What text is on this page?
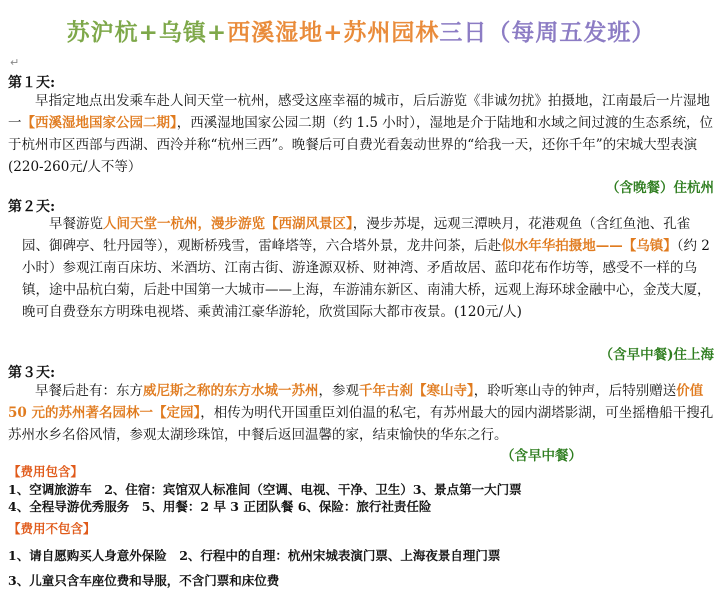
苏沪杭+乌镇+西溪湿地+苏州园林三日（每周五发班）
↵
第１天:
早指定地点出发乘车赴人间天堂一杭州，感受这座幸福的城市，后后游览《非诚勿扰》拍摄地，江南最后一片湿地一【西溪湿地国家公园二期】，西溪湿地国家公园二期（约 1.5 小时），湿地是介于陆地和水域之间过渡的生态系统，位于杭州市区西部与西湖、西泠并称“杭州三西”。晚餐后可自费光看轰动世界的“给我一天，还你千年”的宋城大型表演(220-260元/人不等）
（含晚餐）住杭州
第２天:
早餐游览人间天堂一杭州，漫步游览【西湖风景区】，漫步苏堤，远观三潭映月，花港观鱼（含红鱼池、孔雀园、御碑亭、牡丹园等），观断桥残雪，雷峰塔等，六合塔外景，龙井问茶，后赴似水年华拍摄地——【乌镇】（约 2 小时）参观江南百床坊、米酒坊、江南古街、游逢源双桥、财神湾、矛盾故居、蓝印花布作坊等，感受不一样的乌镇，途中品杭白菊，后赴中国第一大城市——上海，车游浦东新区、南浦大桥，远观上海环球金融中心，金茂大厦，晚可自费登东方明珠电视塔、乘黄浦江豪华游轮，欣赏国际大都市夜景。(120元/人)
（含早中餐)住上海
第３天:
早餐后赴有：东方威尼斯之称的东方水城一苏州，参观千年古刹【寒山寺】，聆听寒山寺的钟声，后特别赠送价值 50 元的苏州著名园林一【定园】，相传为明代开国重臣刘伯温的私宅，有苏州最大的园内湖塔影湖，可坐摇橹船干搜孔苏州水乡名俗风情，参观太湖珍珠馆，中餐后返回温馨的家，结束愉快的华东之行。
（含早中餐）
【费用包含】
1、空调旅游车　2、住宿：宾馆双人标准间（空调、电视、干净、卫生）3、景点第一大门票
4、全程导游优秀服务　5、用餐：2 早 3 正团队餐 6、保险：旅行社责任险
【费用不包含】
1、请自愿购买人身意外保险　2、行程中的自理：杭州宋城表演门票、上海夜景自理门票
3、儿童只含车座位费和导服，不含门票和床位费
